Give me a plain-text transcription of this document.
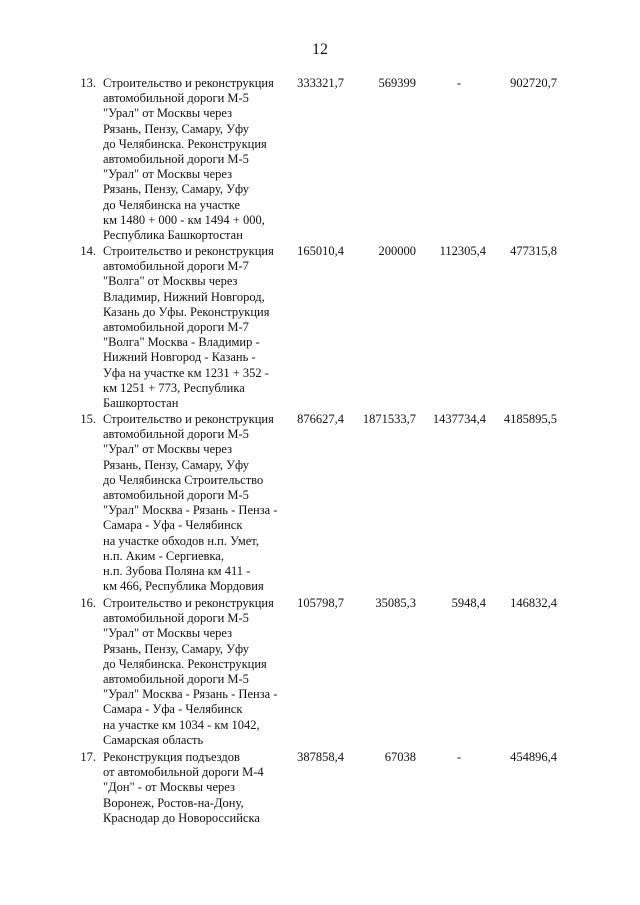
12
13. Строительство и реконструкция
автомобильной дороги М-5
"Урал" от Москвы через
Рязань, Пензу, Самару, Уфу
до Челябинска. Реконструкция
автомобильной дороги М-5
"Урал" от Москвы через
Рязань, Пензу, Самару, Уфу
до Челябинска на участке
км 1480 + 000 - км 1494 + 000,
Республика Башкортостан
333321,7	569399	-	902720,7
14. Строительство и реконструкция
автомобильной дороги М-7
"Волга" от Москвы через
Владимир, Нижний Новгород,
Казань до Уфы. Реконструкция
автомобильной дороги М-7
"Волга" Москва - Владимир -
Нижний Новгород - Казань -
Уфа на участке км 1231 + 352 -
км 1251 + 773, Республика
Башкортостан
165010,4	200000 112305,4 477315,8
15. Строительство и реконструкция
автомобильной дороги М-5
"Урал" от Москвы через
Рязань, Пензу, Самару, Уфу
до Челябинска Строительство
автомобильной дороги М-5
"Урал" Москва - Рязань - Пенза -
Самара - Уфа - Челябинск
на участке обходов н.п. Умет,
н.п. Аким - Сергиевка,
н.п. Зубова Поляна км 411 -
км 466, Республика Мордовия
876627,4 1871533,7 1437734,4 4185895,5
16. Строительство и реконструкция
автомобильной дороги М-5
"Урал" от Москвы через
Рязань, Пензу, Самару, Уфу
до Челябинска. Реконструкция
автомобильной дороги М-5
"Урал" Москва - Рязань - Пенза -
Самара - Уфа - Челябинск
на участке км 1034 - км 1042,
Самарская область
105798,7	35085,3	5948,4 146832,4
17. Реконструкция подъездов
от автомобильной дороги М-4
"Дон" - от Москвы через
Воронеж, Ростов-на-Дону,
Краснодар до Новороссийска
387858,4	67038	-	454896,4
